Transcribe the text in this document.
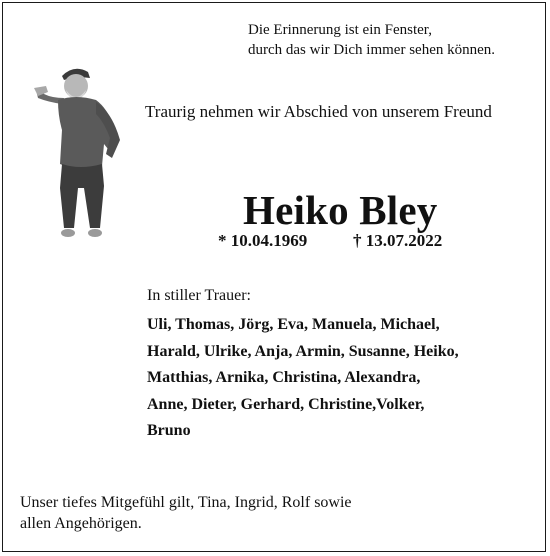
Die Erinnerung ist ein Fenster,
durch das wir Dich immer sehen können.
Traurig nehmen wir Abschied von unserem Freund
Heiko Bley
* 10.04.1969	† 13.07.2022
In stiller Trauer:
Uli, Thomas, Jörg, Eva, Manuela, Michael,
Harald, Ulrike, Anja, Armin, Susanne, Heiko,
Matthias, Arnika, Christina, Alexandra,
Anne, Dieter, Gerhard, Christine,Volker,
Bruno
Unser tiefes Mitgefühl gilt, Tina, Ingrid, Rolf sowie
allen Angehörigen.
